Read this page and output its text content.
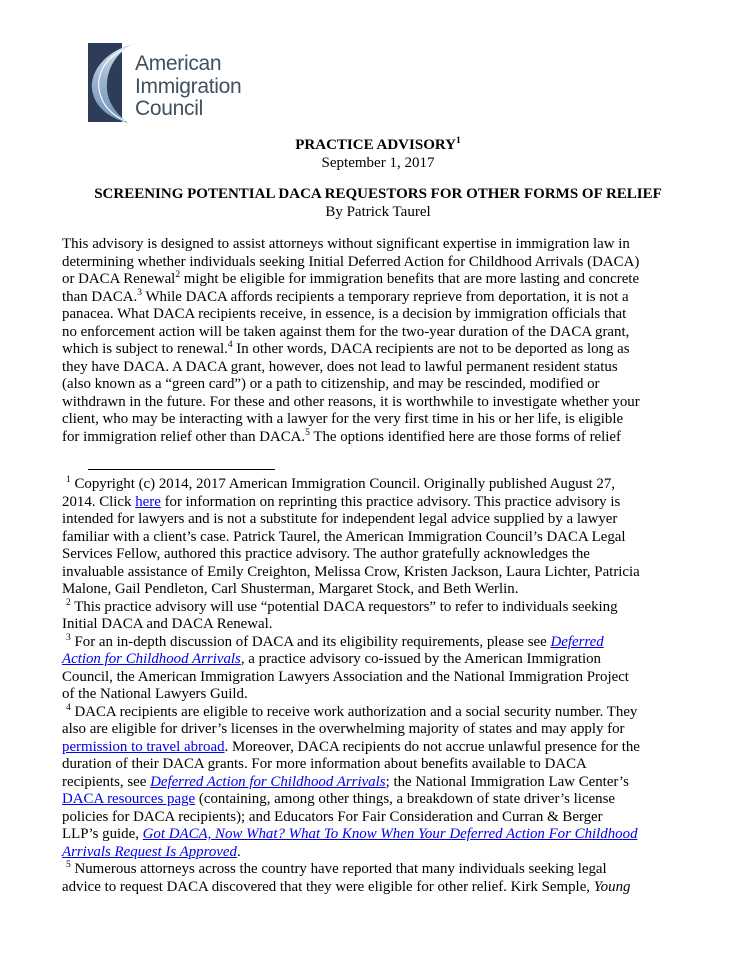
American
Immigration
Council
PRACTICE ADVISORY$^1$
September 1, 2017
SCREENING POTENTIAL DACA REQUESTORS FOR OTHER FORMS OF RELIEF
By Patrick Taurel
This advisory is designed to assist attorneys without significant expertise in immigration law in
determining whether individuals seeking Initial Deferred Action for Childhood Arrivals (DACA)
or DACA Renewal$^2$ might be eligible for immigration benefits that are more lasting and concrete
than DACA.$^3$ While DACA affords recipients a temporary reprieve from deportation, it is not a
panacea. What DACA recipients receive, in essence, is a decision by immigration officials that
no enforcement action will be taken against them for the two-year duration of the DACA grant,
which is subject to renewal.$^4$ In other words, DACA recipients are not to be deported as long as
they have DACA. A DACA grant, however, does not lead to lawful permanent resident status
(also known as a “green card”) or a path to citizenship, and may be rescinded, modified or
withdrawn in the future. For these and other reasons, it is worthwhile to investigate whether your
client, who may be interacting with a lawyer for the very first time in his or her life, is eligible
for immigration relief other than DACA.$^5$ The options identified here are those forms of relief

$^1$ Copyright (c) 2014, 2017 American Immigration Council. Originally published August 27,
2014. Click here for information on reprinting this practice advisory. This practice advisory is
intended for lawyers and is not a substitute for independent legal advice supplied by a lawyer
familiar with a client’s case. Patrick Taurel, the American Immigration Council’s DACA Legal
Services Fellow, authored this practice advisory. The author gratefully acknowledges the
invaluable assistance of Emily Creighton, Melissa Crow, Kristen Jackson, Laura Lichter, Patricia
Malone, Gail Pendleton, Carl Shusterman, Margaret Stock, and Beth Werlin.

$^2$ This practice advisory will use “potential DACA requestors” to refer to individuals seeking
Initial DACA and DACA Renewal.

$^3$ For an in-depth discussion of DACA and its eligibility requirements, please see Deferred
Action for Childhood Arrivals, a practice advisory co-issued by the American Immigration
Council, the American Immigration Lawyers Association and the National Immigration Project
of the National Lawyers Guild.

$^4$ DACA recipients are eligible to receive work authorization and a social security number. They
also are eligible for driver’s licenses in the overwhelming majority of states and may apply for
permission to travel abroad. Moreover, DACA recipients do not accrue unlawful presence for the
duration of their DACA grants. For more information about benefits available to DACA
recipients, see Deferred Action for Childhood Arrivals; the National Immigration Law Center’s
DACA resources page (containing, among other things, a breakdown of state driver’s license
policies for DACA recipients); and Educators For Fair Consideration and Curran & Berger
LLP’s guide, Got DACA, Now What? What To Know When Your Deferred Action For Childhood
Arrivals Request Is Approved.

$^5$ Numerous attorneys across the country have reported that many individuals seeking legal
advice to request DACA discovered that they were eligible for other relief. Kirk Semple, Young
